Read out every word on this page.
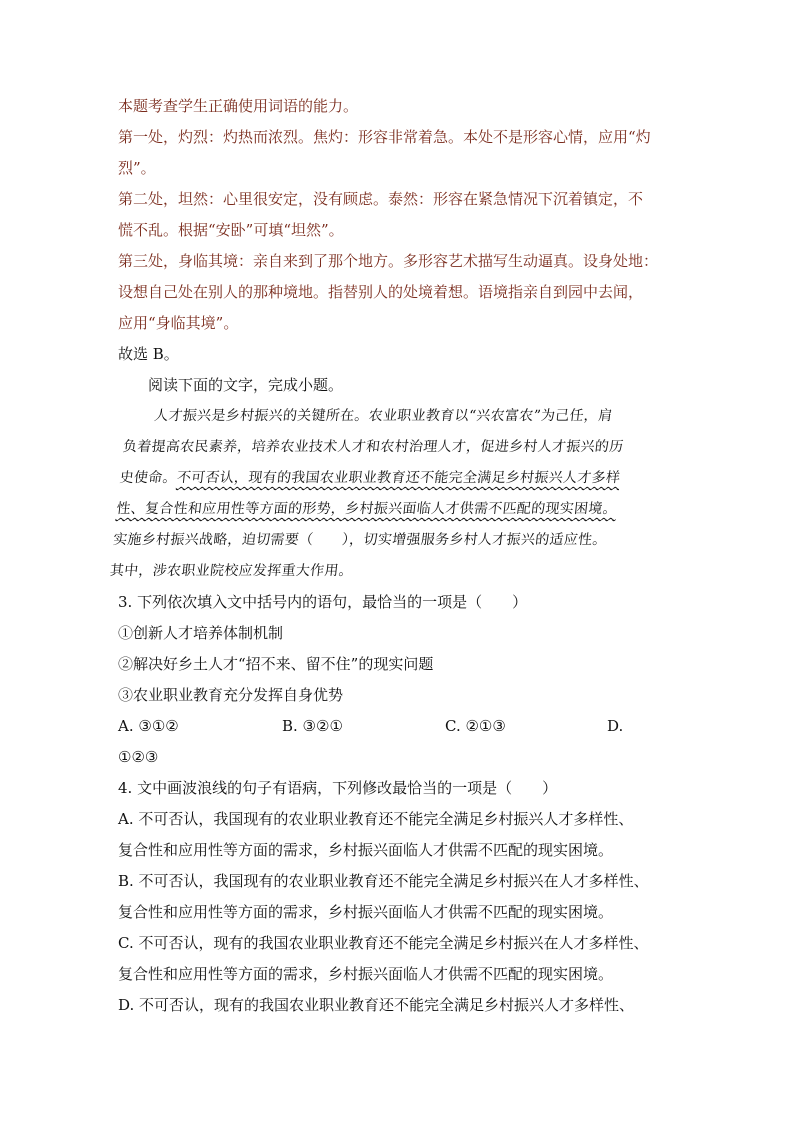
本题考查学生正确使用词语的能力。
第一处，灼烈：灼热而浓烈。焦灼：形容非常着急。本处不是形容心情，应用“灼
烈”。
第二处，坦然：心里很安定，没有顾虑。泰然：形容在紧急情况下沉着镇定，不
慌不乱。根据“安卧”可填“坦然”。
第三处，身临其境：亲自来到了那个地方。多形容艺术描写生动逼真。设身处地：
设想自己处在别人的那种境地。指替别人的处境着想。语境指亲自到园中去闻，
应用“身临其境”。
故选 B。
阅读下面的文字，完成小题。
人才振兴是乡村振兴的关键所在。农业职业教育以“兴农富农”为己任，肩
负着提高农民素养，培养农业技术人才和农村治理人才，促进乡村人才振兴的历
史使命。不可否认，现有的我国农业职业教育还不能完全满足乡村振兴人才多样
性、复合性和应用性等方面的形势，乡村振兴面临人才供需不匹配的现实困境。
实施乡村振兴战略，迫切需要（　　），切实增强服务乡村人才振兴的适应性。
其中，涉农职业院校应发挥重大作用。
3. 下列依次填入文中括号内的语句，最恰当的一项是（　　）
①创新人才培养体制机制
②解决好乡土人才“招不来、留不住”的现实问题
③农业职业教育充分发挥自身优势
A. ③①②	B. ③②①	C. ②①③	D.
①②③
4. 文中画波浪线的句子有语病，下列修改最恰当的一项是（　　）
A. 不可否认，我国现有的农业职业教育还不能完全满足乡村振兴人才多样性、
复合性和应用性等方面的需求，乡村振兴面临人才供需不匹配的现实困境。
B. 不可否认，我国现有的农业职业教育还不能完全满足乡村振兴在人才多样性、
复合性和应用性等方面的需求，乡村振兴面临人才供需不匹配的现实困境。
C. 不可否认，现有的我国农业职业教育还不能完全满足乡村振兴在人才多样性、
复合性和应用性等方面的需求，乡村振兴面临人才供需不匹配的现实困境。
D. 不可否认，现有的我国农业职业教育还不能完全满足乡村振兴人才多样性、
